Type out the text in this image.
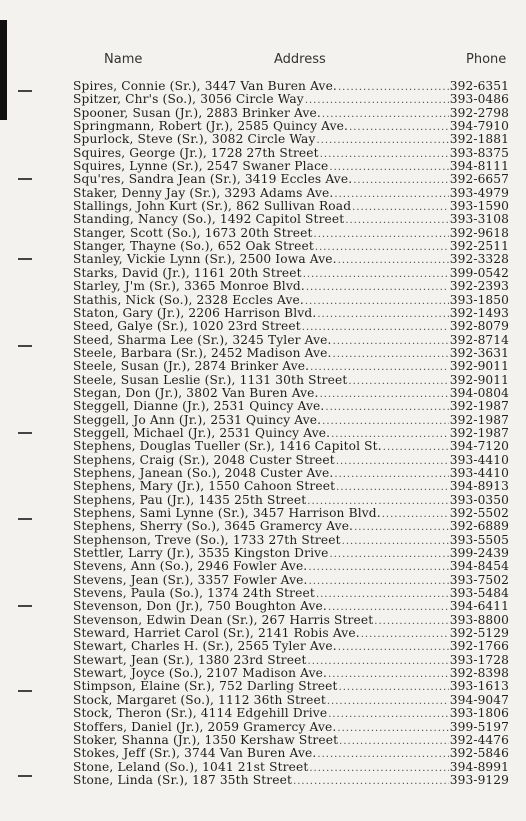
Name	Address	Phone
Spires, Connie (Sr.), 3447 Van Buren Ave. .....	392-6351
Spitzer, Chr's (So.), 3056 Circle Way .....	393-0486
Spooner, Susan (Jr.), 2883 Brinker Ave. .....	392-2798
Springmann, Robert (Jr.), 2585 Quincy Ave. .....	394-7910
Spurlock, Steve (Sr.), 3082 Circle Way .....	392-1881
Squires, George (Jr.), 1728 27th Street .....	393-8375
Squires, Lynne (Sr.), 2547 Swaner Place .....	394-8111
Squ'res, Sandra Jean (Sr.), 3419 Eccles Ave. .....	392-6657
Staker, Denny Jay (Sr.), 3293 Adams Ave. .....	393-4979
Stallings, John Kurt (Sr.), 862 Sullivan Road .....	393-1590
Standing, Nancy (So.), 1492 Capitol Street .....	393-3108
Stanger, Scott (So.), 1673 20th Street .....	392-9618
Stanger, Thayne (So.), 652 Oak Street .....	392-2511
Stanley, Vickie Lynn (Sr.), 2500 Iowa Ave. .....	392-3328
Starks, David (Jr.), 1161 20th Street .....	399-0542
Starley, J'm (Sr.), 3365 Monroe Blvd. .....	392-2393
Stathis, Nick (So.), 2328 Eccles Ave. .....	393-1850
Staton, Gary (Jr.), 2206 Harrison Blvd. .....	392-1493
Steed, Galye (Sr.), 1020 23rd Street .....	392-8079
Steed, Sharma Lee (Sr.), 3245 Tyler Ave. .....	392-8714
Steele, Barbara (Sr.), 2452 Madison Ave. .....	392-3631
Steele, Susan (Jr.), 2874 Brinker Ave. .....	392-9011
Steele, Susan Leslie (Sr.), 1131 30th Street .....	392-9011
Stegan, Don (Jr.), 3802 Van Buren Ave. .....	394-0804
Steggell, Dianne (Jr.), 2531 Quincy Ave. .....	392-1987
Steggell, Jo Ann (Jr.), 2531 Quincy Ave. .....	392-1987
Steggell, Michael (Jr.), 2531 Quincy Ave. .....	392-1987
Stephens, Douglas Tueller (Sr.), 1416 Capitol St. .....	394-7120
Stephens, Craig (Sr.), 2048 Custer Street .....	393-4410
Stephens, Janean (So.), 2048 Custer Ave. .....	393-4410
Stephens, Mary (Jr.), 1550 Cahoon Street .....	394-8913
Stephens, Pau (Jr.), 1435 25th Street .....	393-0350
Stephens, Sami Lynne (Sr.), 3457 Harrison Blvd. .....	392-5502
Stephens, Sherry (So.), 3645 Gramercy Ave. .....	392-6889
Stephenson, Treve (So.), 1733 27th Street .....	393-5505
Stettler, Larry (Jr.), 3535 Kingston Drive .....	399-2439
Stevens, Ann (So.), 2946 Fowler Ave. .....	394-8454
Stevens, Jean (Sr.), 3357 Fowler Ave. .....	393-7502
Stevens, Paula (So.), 1374 24th Street .....	393-5484
Stevenson, Don (Jr.), 750 Boughton Ave. .....	394-6411
Stevenson, Edwin Dean (Sr.), 267 Harris Street .....	393-8800
Steward, Harriet Carol (Sr.), 2141 Robis Ave. .....	392-5129
Stewart, Charles H. (Sr.), 2565 Tyler Ave. .....	392-1766
Stewart, Jean (Sr.), 1380 23rd Street .....	393-1728
Stewart, Joyce (So.), 2107 Madison Ave. .....	392-8398
Stimpson, Elaine (Sr.), 752 Darling Street .....	393-1613
Stock, Margaret (So.), 1112 36th Street .....	394-9047
Stock, Theron (Sr.), 4114 Edgehill Drive .....	393-1806
Stoffers, Daniel (Jr.), 2059 Gramercy Ave. .....	399-5197
Stoker, Shanna (Jr.), 1350 Kershaw Street .....	392-4476
Stokes, Jeff (Sr.), 3744 Van Buren Ave. .....	392-5846
Stone, Leland (So.), 1041 21st Street .....	394-8991
Stone, Linda (Sr.), 187 35th Street .....	393-9129
